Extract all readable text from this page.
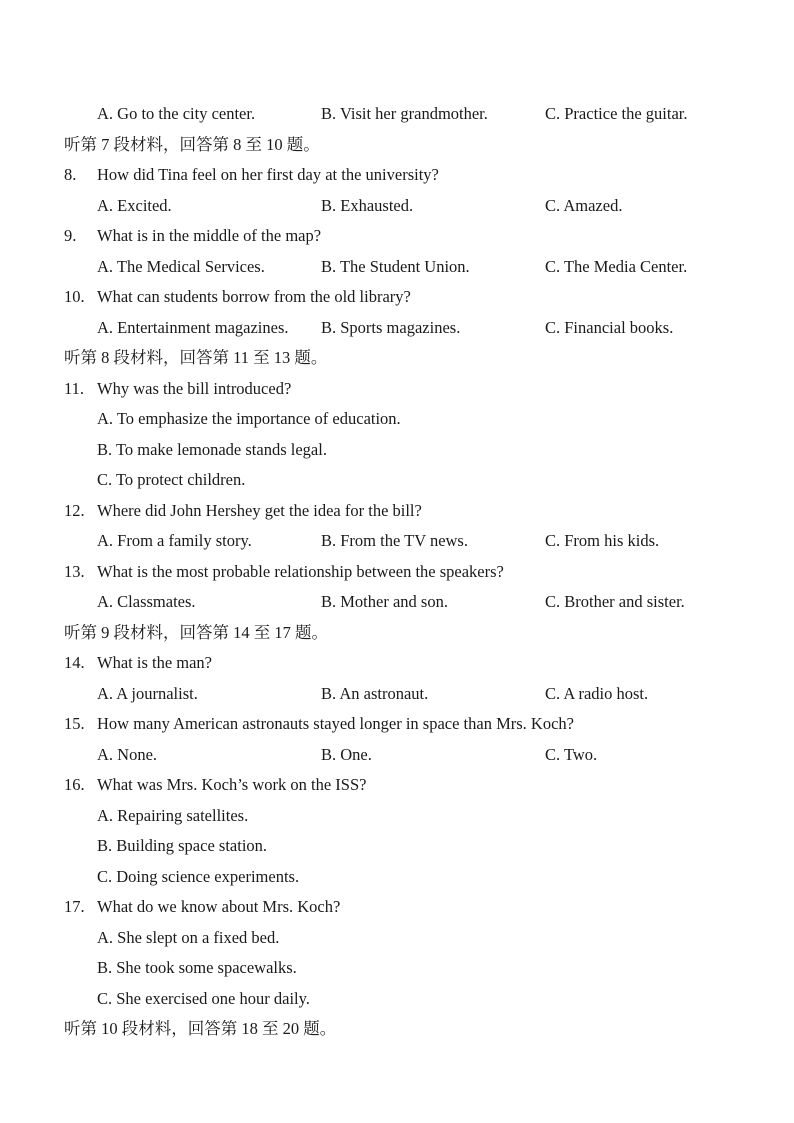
A. Go to the city center.	B. Visit her grandmother.	C. Practice the guitar.
听第 7 段材料，回答第 8 至 10 题。
8. How did Tina feel on her first day at the university?
A. Excited.	B. Exhausted.	C. Amazed.
9. What is in the middle of the map?
A. The Medical Services.	B. The Student Union.	C. The Media Center.
10. What can students borrow from the old library?
A. Entertainment magazines. B. Sports magazines.	C. Financial books.
听第 8 段材料，回答第 11 至 13 题。
11. Why was the bill introduced?
A. To emphasize the importance of education.
B. To make lemonade stands legal.
C. To protect children.
12. Where did John Hershey get the idea for the bill?
A. From a family story.	B. From the TV news.	C. From his kids.
13. What is the most probable relationship between the speakers?
A. Classmates.	B. Mother and son.	C. Brother and sister.
听第 9 段材料，回答第 14 至 17 题。
14. What is the man?
A. A journalist.	B. An astronaut.	C. A radio host.
15. How many American astronauts stayed longer in space than Mrs. Koch?
A. None.	B. One.	C. Two.
16. What was Mrs. Koch’s work on the ISS?
A. Repairing satellites.
B. Building space station.
C. Doing science experiments.
17. What do we know about Mrs. Koch?
A. She slept on a fixed bed.
B. She took some spacewalks.
C. She exercised one hour daily.
听第 10 段材料，回答第 18 至 20 题。
